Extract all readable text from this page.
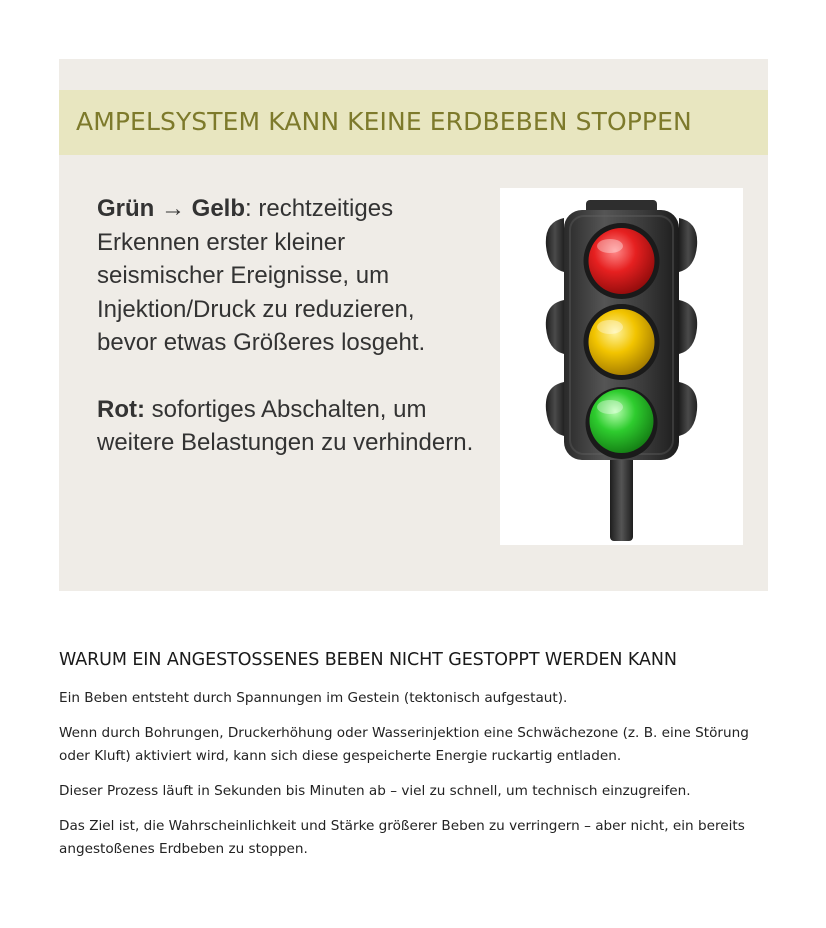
AMPELSYSTEM KANN KEINE ERDBEBEN STOPPEN

Grün → Gelb: rechtzeitiges Erkennen erster kleiner seismischer Ereignisse, um Injektion/Druck zu reduzieren, bevor etwas Größeres losgeht.

Rot: sofortiges Abschalten, um weitere Belastungen zu verhindern.

WARUM EIN ANGESTOSSENES BEBEN NICHT GESTOPPT WERDEN KANN

Ein Beben entsteht durch Spannungen im Gestein (tektonisch aufgestaut).

Wenn durch Bohrungen, Druckerhöhung oder Wasserinjektion eine Schwächezone (z. B. eine Störung oder Kluft) aktiviert wird, kann sich diese gespeicherte Energie ruckartig entladen.

Dieser Prozess läuft in Sekunden bis Minuten ab – viel zu schnell, um technisch einzugreifen.

Das Ziel ist, die Wahrscheinlichkeit und Stärke größerer Beben zu verringern – aber nicht, ein bereits angestoßenes Erdbeben zu stoppen.
